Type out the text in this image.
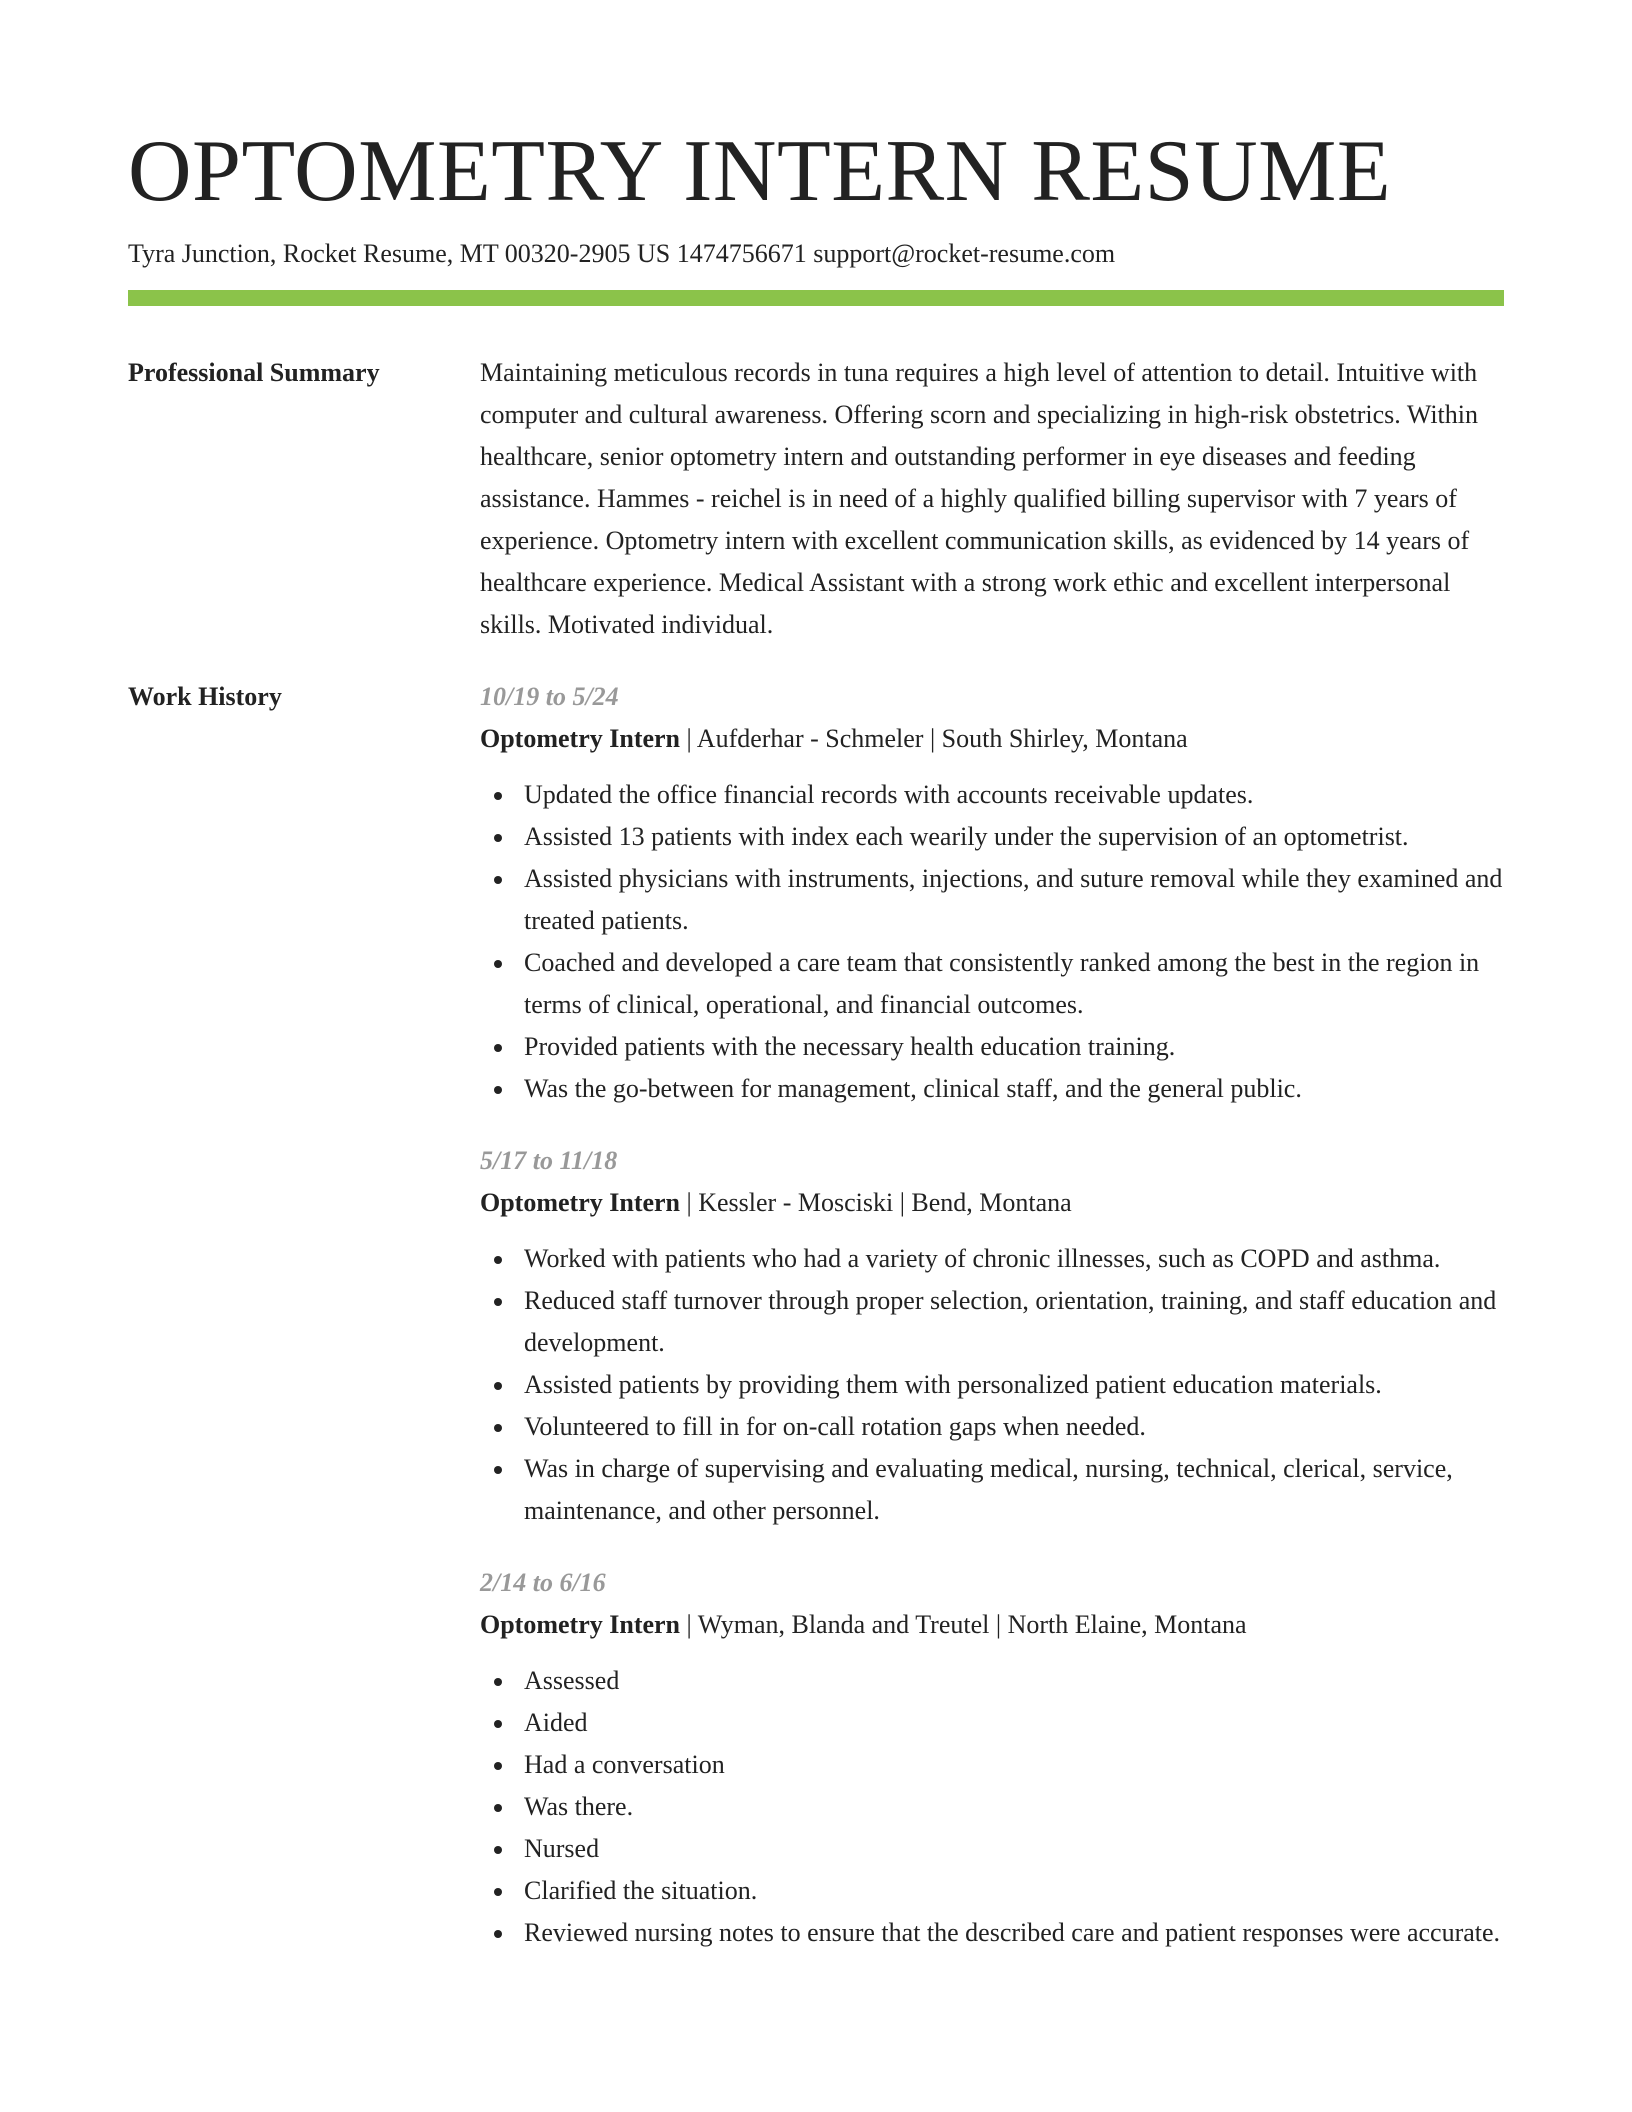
OPTOMETRY INTERN RESUME
Tyra Junction, Rocket Resume, MT 00320-2905 US 1474756671 support@rocket-resume.com
Professional Summary	Maintaining meticulous records in tuna requires a high level of attention to detail. Intuitive with computer and cultural awareness. Offering scorn and specializing in high-risk obstetrics. Within healthcare, senior optometry intern and outstanding performer in eye diseases and feeding assistance. Hammes - reichel is in need of a highly qualified billing supervisor with 7 years of experience. Optometry intern with excellent communication skills, as evidenced by 14 years of healthcare experience. Medical Assistant with a strong work ethic and excellent interpersonal skills. Motivated individual.

Work History	10/19 to 5/24
Optometry Intern | Aufderhar - Schmeler | South Shirley, Montana
Updated the office financial records with accounts receivable updates.
Assisted 13 patients with index each wearily under the supervision of an optometrist.
Assisted physicians with instruments, injections, and suture removal while they examined and treated patients.
Coached and developed a care team that consistently ranked among the best in the region in terms of clinical, operational, and financial outcomes.
Provided patients with the necessary health education training.
Was the go-between for management, clinical staff, and the general public.
5/17 to 11/18
Optometry Intern | Kessler - Mosciski | Bend, Montana
Worked with patients who had a variety of chronic illnesses, such as COPD and asthma.
Reduced staff turnover through proper selection, orientation, training, and staff education and development.
Assisted patients by providing them with personalized patient education materials.
Volunteered to fill in for on-call rotation gaps when needed.
Was in charge of supervising and evaluating medical, nursing, technical, clerical, service, maintenance, and other personnel.
2/14 to 6/16
Optometry Intern | Wyman, Blanda and Treutel | North Elaine, Montana
Assessed
Aided
Had a conversation
Was there.
Nursed
Clarified the situation.
Reviewed nursing notes to ensure that the described care and patient responses were accurate.
